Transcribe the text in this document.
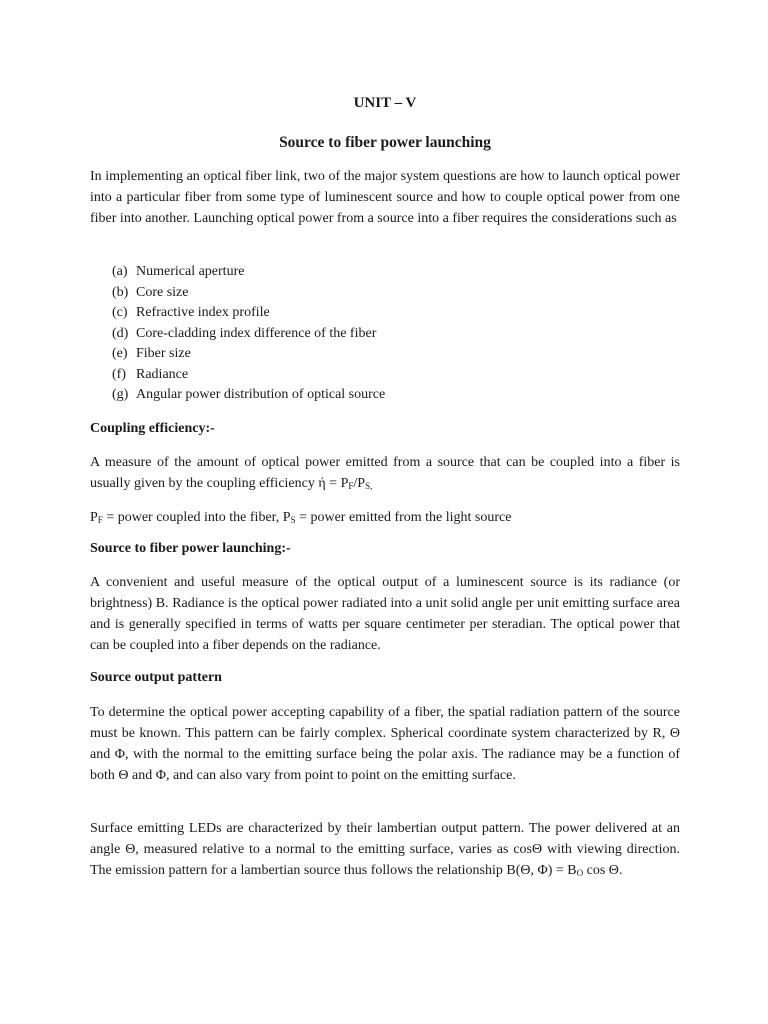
UNIT – V
Source to fiber power launching

In implementing an optical fiber link, two of the major system questions are how to launch optical power into a particular fiber from some type of luminescent source and how to couple optical power from one fiber into another. Launching optical power from a source into a fiber requires the considerations such as

(a) Numerical aperture
(b) Core size
(c) Refractive index profile
(d) Core-cladding index difference of the fiber
(e) Fiber size
(f) Radiance
(g) Angular power distribution of optical source
Coupling efficiency:-

A measure of the amount of optical power emitted from a source that can be coupled into a fiber is usually given by the coupling efficiency $ή = P_F/P_{S,}$

$P_F$ = power coupled into the fiber, $P_S$ = power emitted from the light source

Source to fiber power launching:-

A convenient and useful measure of the optical output of a luminescent source is its radiance (or brightness) B. Radiance is the optical power radiated into a unit solid angle per unit emitting surface area and is generally specified in terms of watts per square centimeter per steradian. The optical power that can be coupled into a fiber depends on the radiance.

Source output pattern

To determine the optical power accepting capability of a fiber, the spatial radiation pattern of the source must be known. This pattern can be fairly complex. Spherical coordinate system characterized by R, Θ and Φ, with the normal to the emitting surface being the polar axis. The radiance may be a function of both Θ and Φ, and can also vary from point to point on the emitting surface.

Surface emitting LEDs are characterized by their lambertian output pattern. The power delivered at an angle Θ, measured relative to a normal to the emitting surface, varies as cosΘ with viewing direction. The emission pattern for a lambertian source thus follows the relationship B(Θ, $\Phi) = B_O$ cos Θ.
